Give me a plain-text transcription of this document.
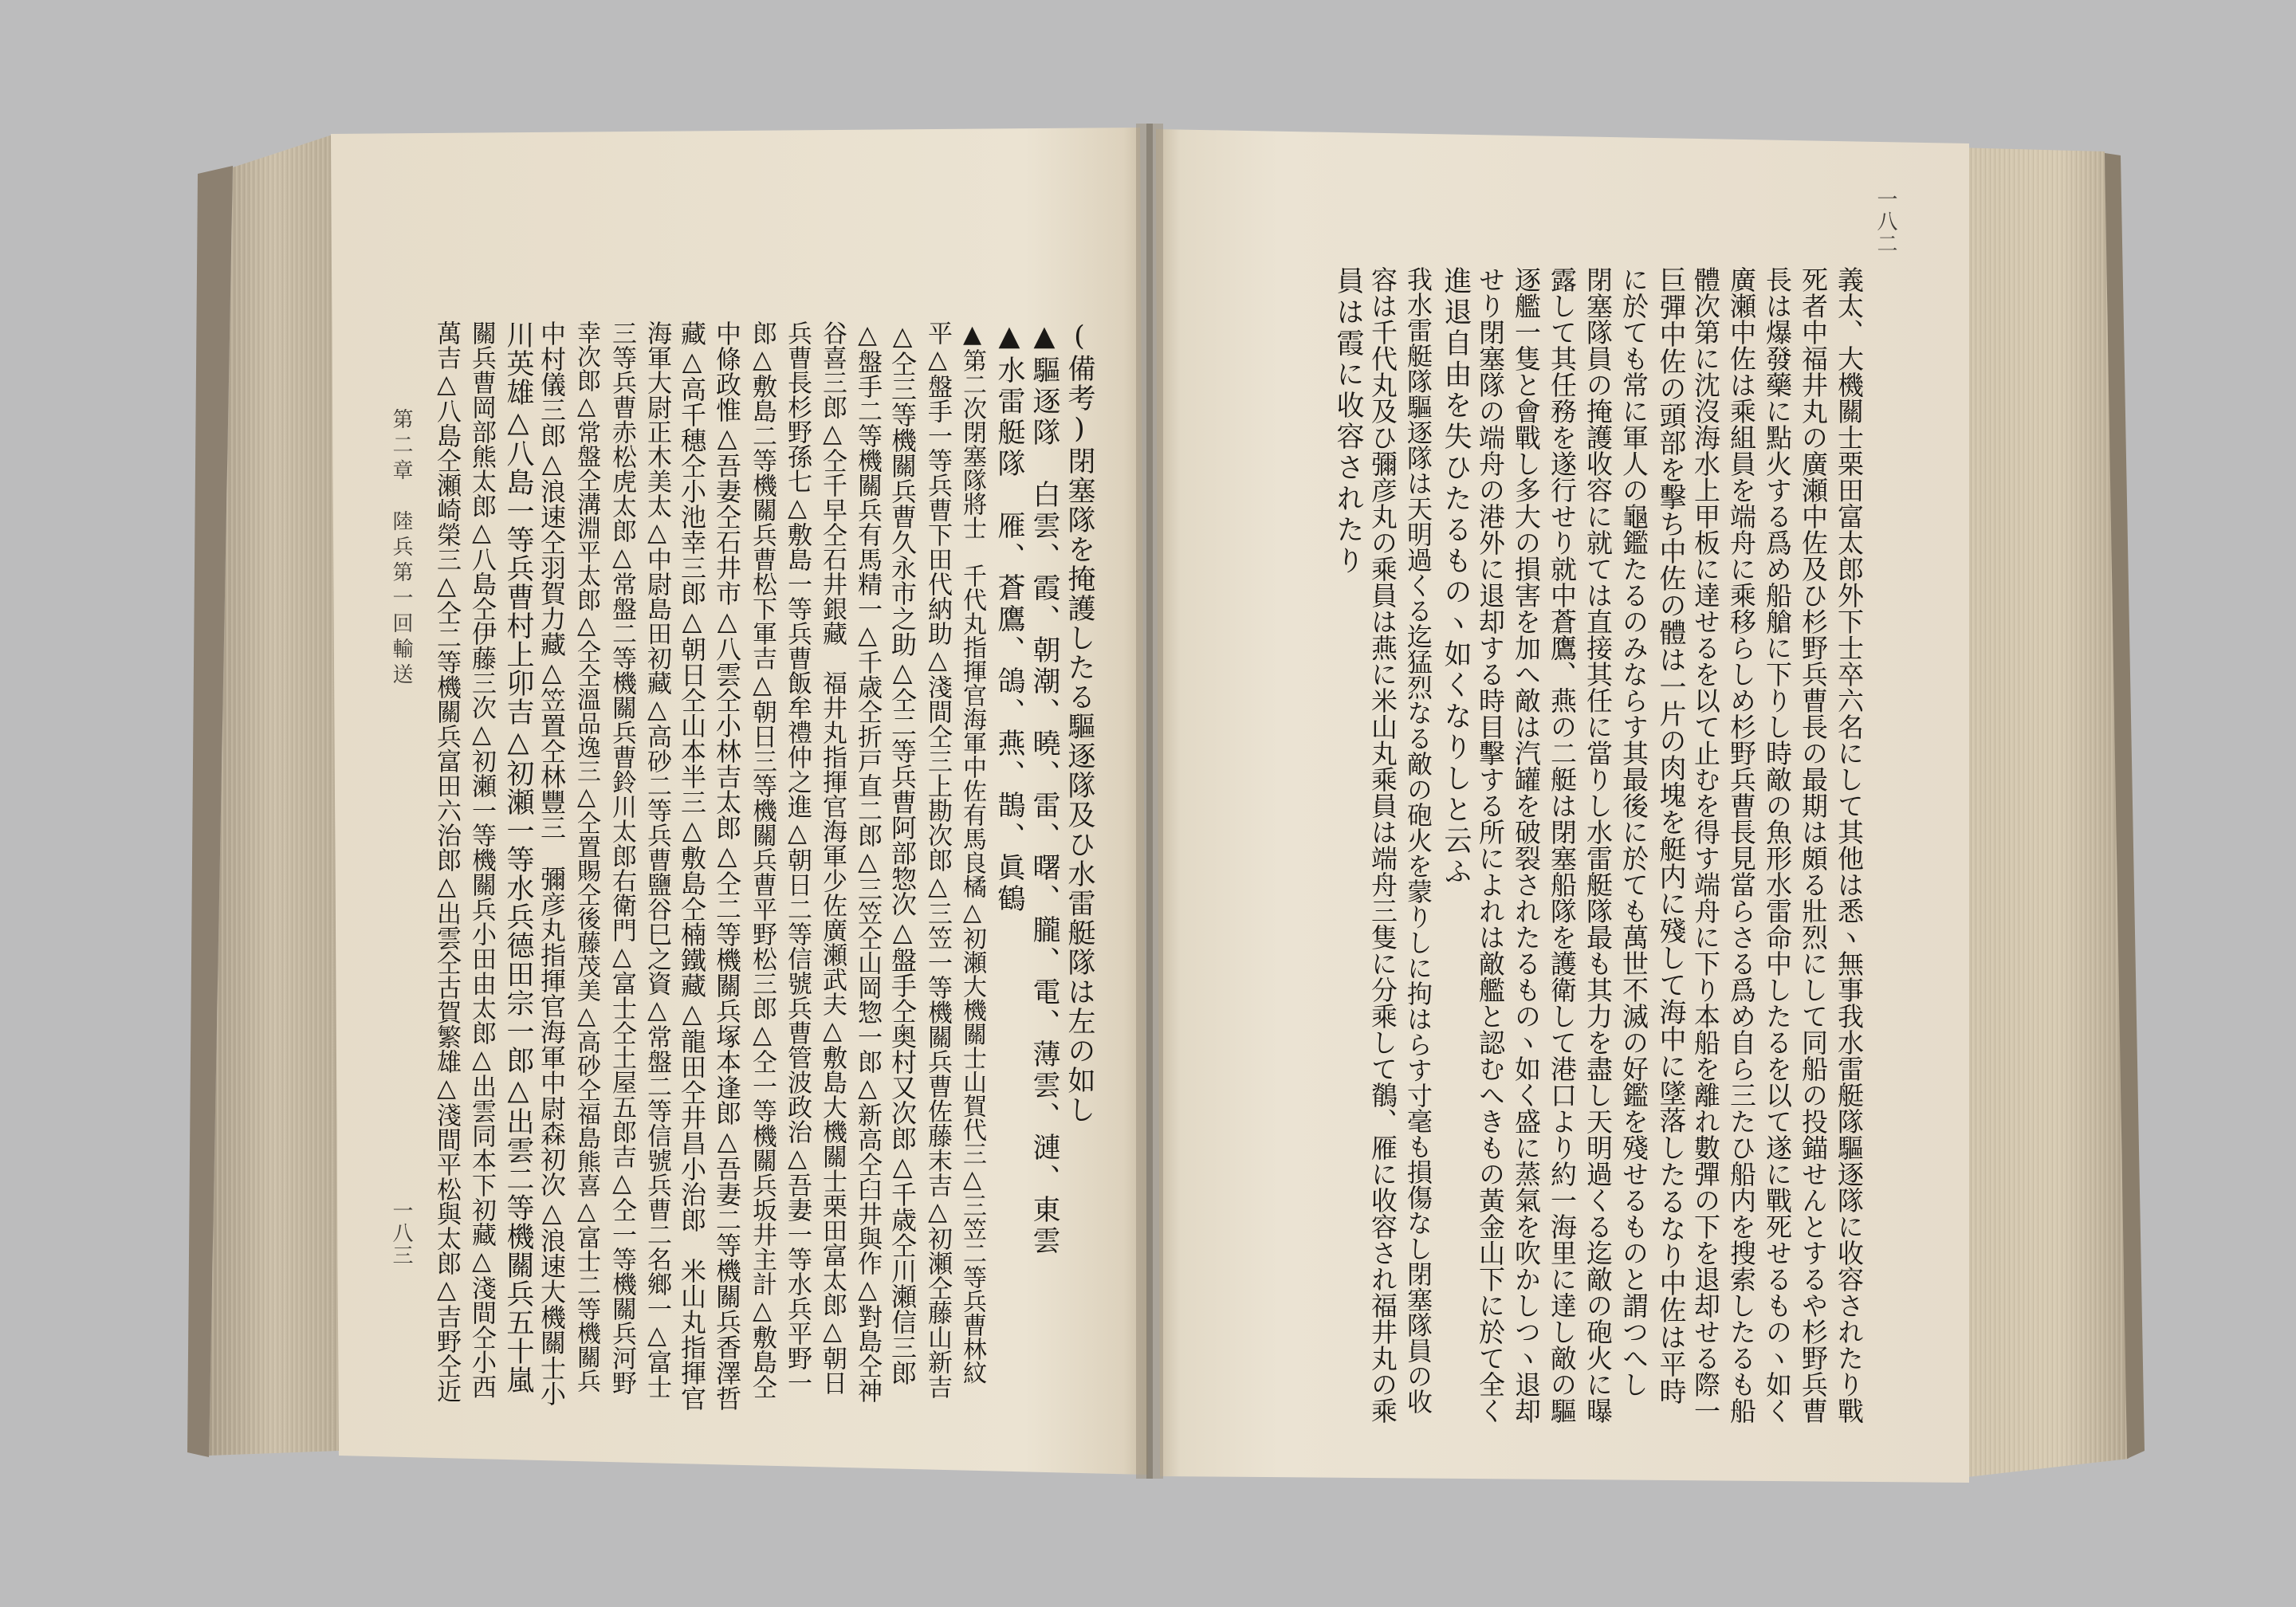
一八二
義太、大機關士栗田富太郎外下士卒六名にして其他は悉ヽ無事我水雷艇隊驅逐隊に收容されたり戰
死者中福井丸の廣瀬中佐及ひ杉野兵曹長の最期は頗る壯烈にして同船の投錨せんとするや杉野兵曹
長は爆發藥に點火する爲め船艙に下りし時敵の魚形水雷命中したるを以て遂に戰死せるものヽ如く
廣瀬中佐は乘組員を端舟に乘移らしめ杉野兵曹長見當らさる爲め自ら三たひ船内を搜索したるも船
體次第に沈沒海水上甲板に達せるを以て止むを得す端舟に下り本船を離れ數彈の下を退却せる際一
巨彈中佐の頭部を擊ち中佐の體は一片の肉塊を艇内に殘して海中に墜落したるなり中佐は平時
に於ても常に軍人の龜鑑たるのみならす其最後に於ても萬世不滅の好鑑を殘せるものと謂つへし
閉塞隊員の掩護收容に就ては直接其任に當りし水雷艇隊最も其力を盡し天明過くる迄敵の砲火に曝
露して其任務を遂行せり就中蒼鷹、燕の二艇は閉塞船隊を護衛して港口より約一海里に達し敵の驅
逐艦一隻と會戰し多大の損害を加へ敵は汽罐を破裂されたるものヽ如く盛に蒸氣を吹かしつヽ退却
せり閉塞隊の端舟の港外に退却する時目擊する所によれは敵艦と認むへきもの黃金山下に於て全く
進退自由を失ひたるものヽ如くなりしと云ふ
我水雷艇隊驅逐隊は天明過くる迄猛烈なる敵の砲火を蒙りしに拘はらす寸毫も損傷なし閉塞隊員の收
容は千代丸及ひ彌彦丸の乘員は燕に米山丸乘員は端舟三隻に分乘して鶺、雁に收容され福井丸の乘
員は霞に收容されたり
(備考)閉塞隊を掩護したる驅逐隊及ひ水雷艇隊は左の如し
▲驅逐隊　白雲、霞、朝潮、曉、雷、曙、朧、電、薄雲、漣、東雲
▲水雷艇隊　雁、蒼鷹、鴿、燕、鵲、眞鶴
▲第二次閉塞隊將士　千代丸指揮官海軍中佐有馬良橘△初瀬大機關士山賀代三△三笠二等兵曹林紋
平△盤手一等兵曹下田代納助△淺間仝三上勘次郎△三笠一等機關兵曹佐藤末吉△初瀬仝藤山新吉
△仝三等機關兵曹久永市之助△仝二等兵曹阿部惣次△盤手仝奥村又次郎△千歳仝川瀬信三郎
△盤手二等機關兵有馬精一△千歳仝折戸直二郎△三笠仝山岡惣一郎△新高仝臼井與作△對島仝神
谷喜三郎△仝千早仝石井銀藏　福井丸指揮官海軍少佐廣瀬武夫△敷島大機關士栗田富太郎△朝日
兵曹長杉野孫七△敷島一等兵曹飯牟禮仲之進△朝日二等信號兵曹管波政治△吾妻一等水兵平野一
郎△敷島二等機關兵曹松下軍吉△朝日三等機關兵曹平野松三郎△仝一等機關兵坂井主計△敷島仝
中條政惟△吾妻仝石井市△八雲仝小林吉太郎△仝二等機關兵塚本逢郎△吾妻二等機關兵香澤哲
藏△高千穗仝小池幸三郎△朝日仝山本半三△敷島仝楠鐵藏△龍田仝井昌小治郎　米山丸指揮官
海軍大尉正木美太△中尉島田初藏△高砂二等兵曹鹽谷巳之資△常盤二等信號兵曹二名鄉一△富士
三等兵曹赤松虎太郎△常盤二等機關兵曹鈴川太郎右衛門△富士仝土屋五郎吉△仝一等機關兵河野
幸次郎△常盤仝溝淵平太郎△仝仝溫品逸三△仝置賜仝後藤茂美△高砂仝福島熊喜△富士二等機關兵
中村儀三郎△浪速仝羽賀力藏△笠置仝林豐三　彌彦丸指揮官海軍中尉森初次△浪速大機關士小
川英雄△八島一等兵曹村上卯吉△初瀬一等水兵德田宗一郎△出雲二等機關兵五十嵐
關兵曹岡部熊太郎△八島仝伊藤三次△初瀬一等機關兵小田由太郎△出雲同本下初藏△淺間仝小西
萬吉△八島仝瀬崎榮三△仝二等機關兵富田六治郎△出雲仝古賀繁雄△淺間平松與太郎△吉野仝近
第二章　陸兵第一回輸送
一八三
